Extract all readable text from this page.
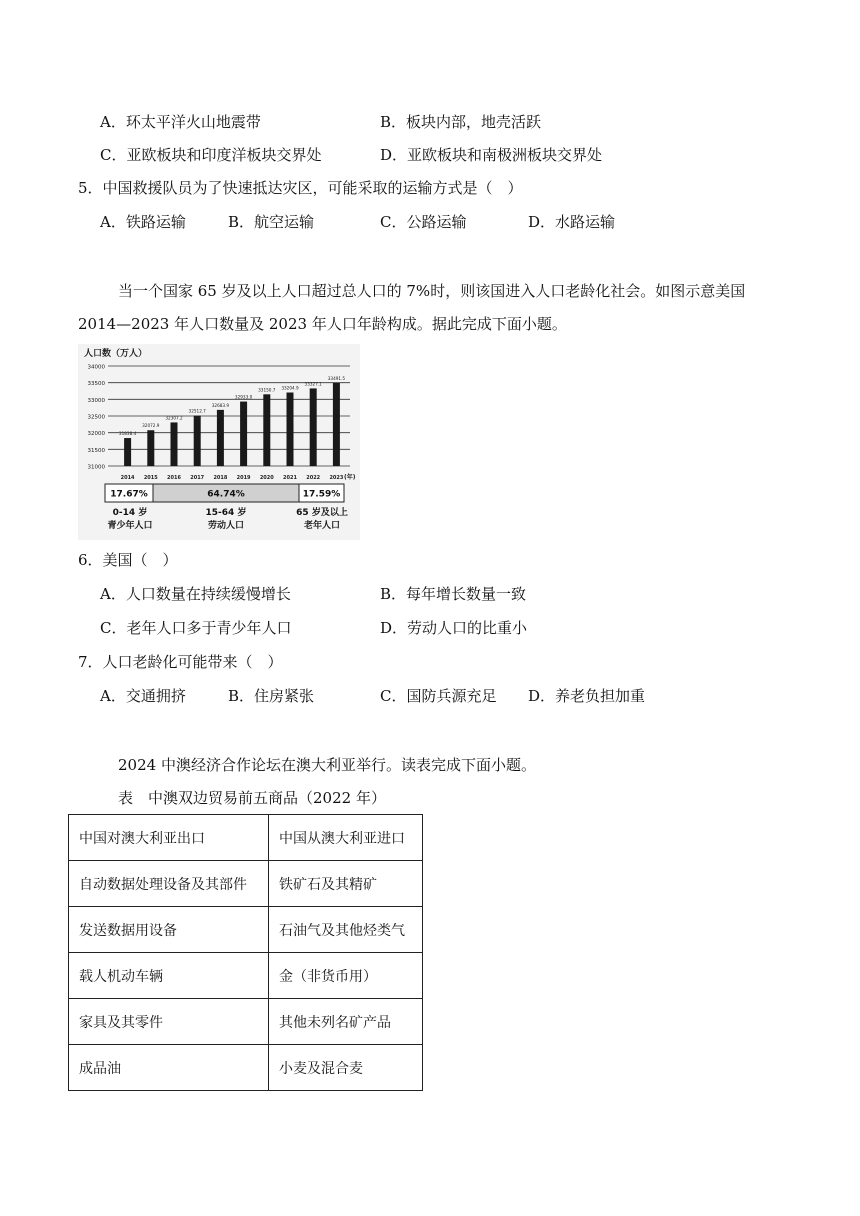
A．环太平洋火山地震带	B．板块内部，地壳活跃
C．亚欧板块和印度洋板块交界处	D．亚欧板块和南极洲板块交界处
5．中国救援队员为了快速抵达灾区，可能采取的运输方式是（　）
A．铁路运输	B．航空运输	C．公路运输	D．水路运输
当一个国家 65 岁及以上人口超过总人口的 7%时，则该国进入人口老龄化社会。如图示意美国
2014—2023 年人口数量及 2023 年人口年龄构成。据此完成下面小题。
人口数（万人）
34000
33500
33000
32500
32000
31500
31000
31838.4
2014
32072.9
2015
32307.2
2016
32512.7
2017
32683.9
2018
32933.0
2019
33150.7
2020
33204.9
2021
33327.1
2022
33491.5
2023 (年)
17.67%
0-14 岁
青少年人口
64.74%
15-64 岁
劳动人口
17.59%
65 岁及以上
老年人口
6．美国（　）
A．人口数量在持续缓慢增长	B．每年增长数量一致
C．老年人口多于青少年人口	D．劳动人口的比重小
7．人口老龄化可能带来（　）
A．交通拥挤	B．住房紧张	C．国防兵源充足 D．养老负担加重
2024 中澳经济合作论坛在澳大利亚举行。读表完成下面小题。
表　中澳双边贸易前五商品（2022 年）
中国对澳大利亚出口	中国从澳大利亚进口
自动数据处理设备及其部件	铁矿石及其精矿
发送数据用设备	石油气及其他烃类气
载人机动车辆	金（非货币用）
家具及其零件	其他未列名矿产品
成品油	小麦及混合麦
